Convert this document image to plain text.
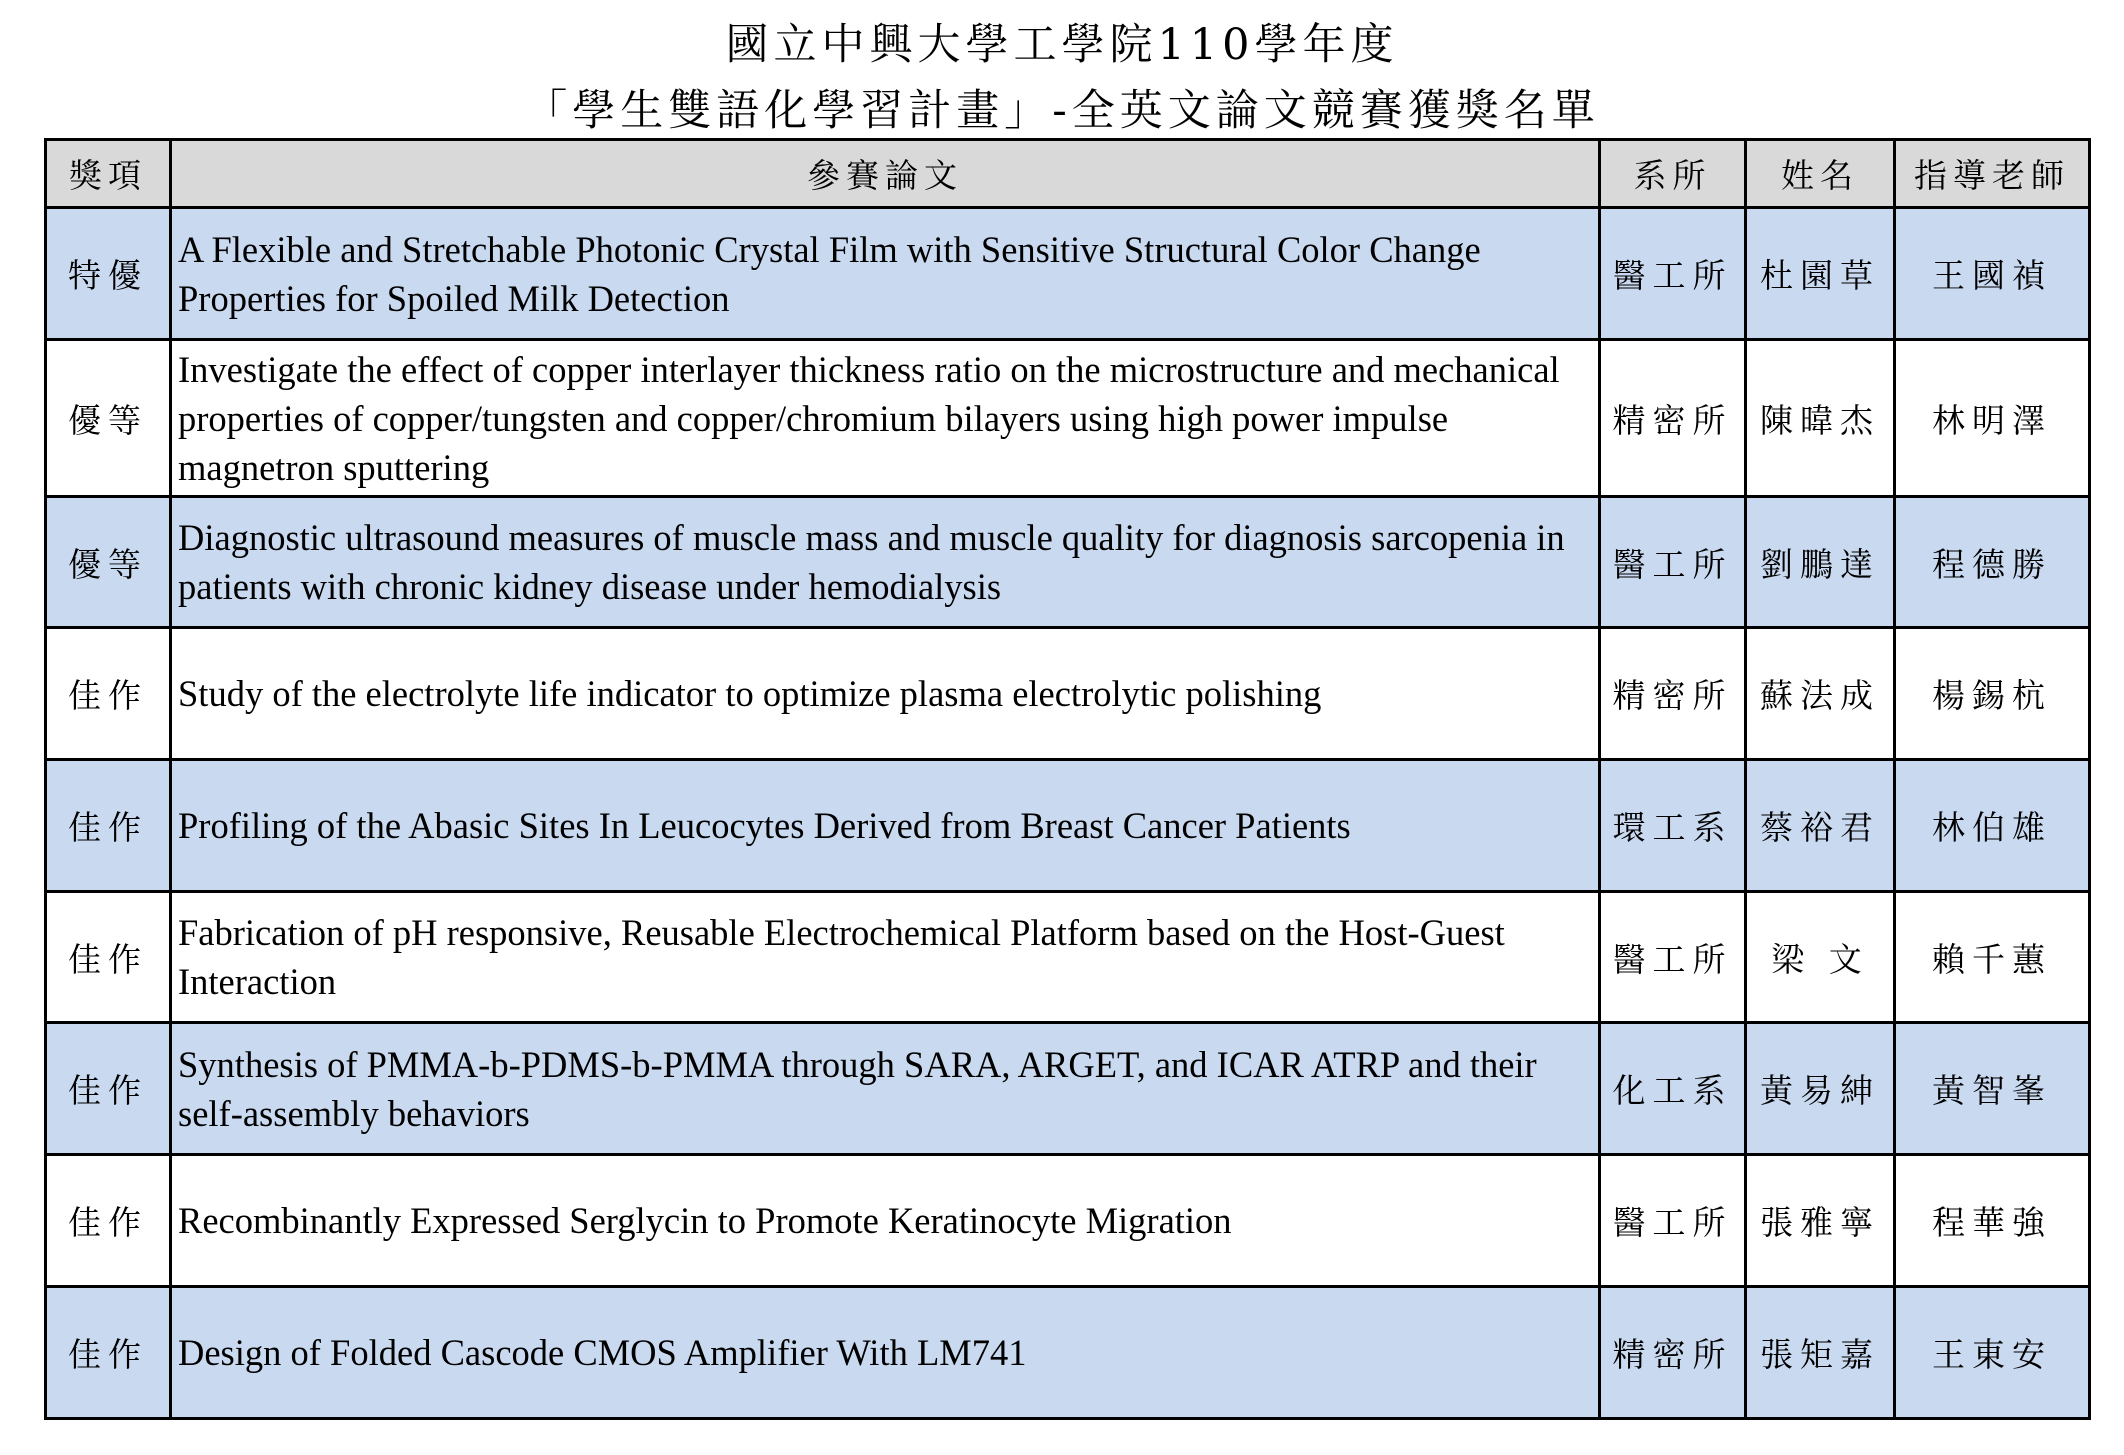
國立中興大學工學院110學年度
「學生雙語化學習計畫」-全英文論文競賽獲獎名單
獎項	參賽論文	系所	姓名	指導老師
特優	A Flexible and Stretchable Photonic Crystal Film with Sensitive Structural Color Change Properties for Spoiled Milk Detection	醫工所	杜園草	王國禎
優等	Investigate the effect of copper interlayer thickness ratio on the microstructure and mechanical properties of copper/tungsten and copper/chromium bilayers using high power impulse magnetron sputtering	精密所	陳暐杰	林明澤
優等	Diagnostic ultrasound measures of muscle mass and muscle quality for diagnosis sarcopenia in patients with chronic kidney disease under hemodialysis	醫工所	劉鵬達	程德勝
佳作	Study of the electrolyte life indicator to optimize plasma electrolytic polishing	精密所	蘇法成	楊錫杭
佳作	Profiling of the Abasic Sites In Leucocytes Derived from Breast Cancer Patients	環工系	蔡裕君	林伯雄
佳作	Fabrication of pH responsive, Reusable Electrochemical Platform based on the Host-Guest Interaction	醫工所	梁 文	賴千蕙
佳作	Synthesis of PMMA-b-PDMS-b-PMMA through SARA, ARGET, and ICAR ATRP and their self-assembly behaviors	化工系	黃易紳	黃智峯
佳作	Recombinantly Expressed Serglycin to Promote Keratinocyte Migration	醫工所	張雅寧	程華強
佳作	Design of Folded Cascode CMOS Amplifier With LM741	精密所	張矩嘉	王東安
